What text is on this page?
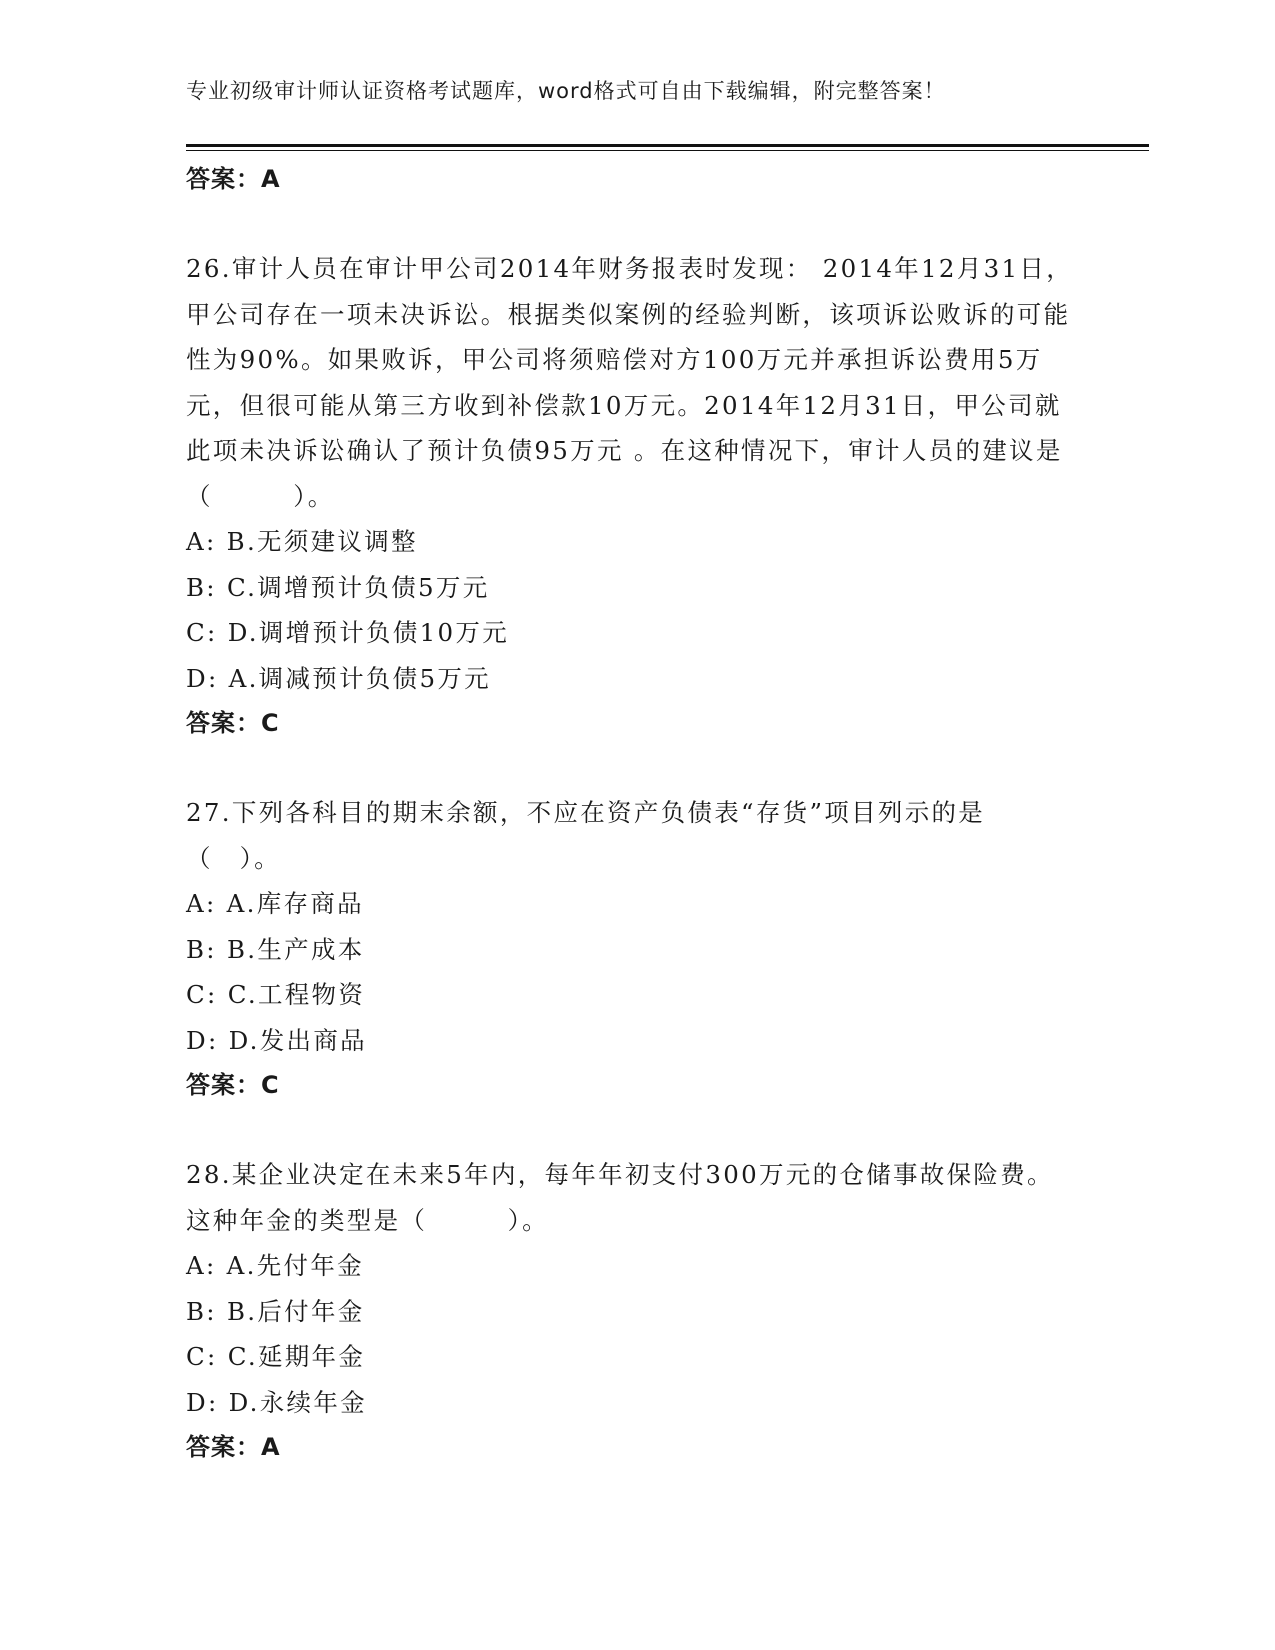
专业初级审计师认证资格考试题库，word格式可自由下载编辑，附完整答案！
答案：A
26.审计人员在审计甲公司2014年财务报表时发现： 2014年12月31日，甲公司存在一项未决诉讼。根据类似案例的经验判断，该项诉讼败诉的可能性为90%。如果败诉，甲公司将须赔偿对方100万元并承担诉讼费用5万元，但很可能从第三方收到补偿款10万元。2014年12月31日，甲公司就此项未决诉讼确认了预计负债95万元 。在这种情况下，审计人员的建议是（　　　）。
A: B.无须建议调整
B: C.调增预计负债5万元
C: D.调增预计负债10万元
D: A.调减预计负债5万元
答案：C
27.下列各科目的期末余额，不应在资产负债表“存货”项目列示的是（　）。
A: A.库存商品
B: B.生产成本
C: C.工程物资
D: D.发出商品
答案：C
28.某企业决定在未来5年内，每年年初支付300万元的仓储事故保险费。这种年金的类型是（　　　）。
A: A.先付年金
B: B.后付年金
C: C.延期年金
D: D.永续年金
答案：A
